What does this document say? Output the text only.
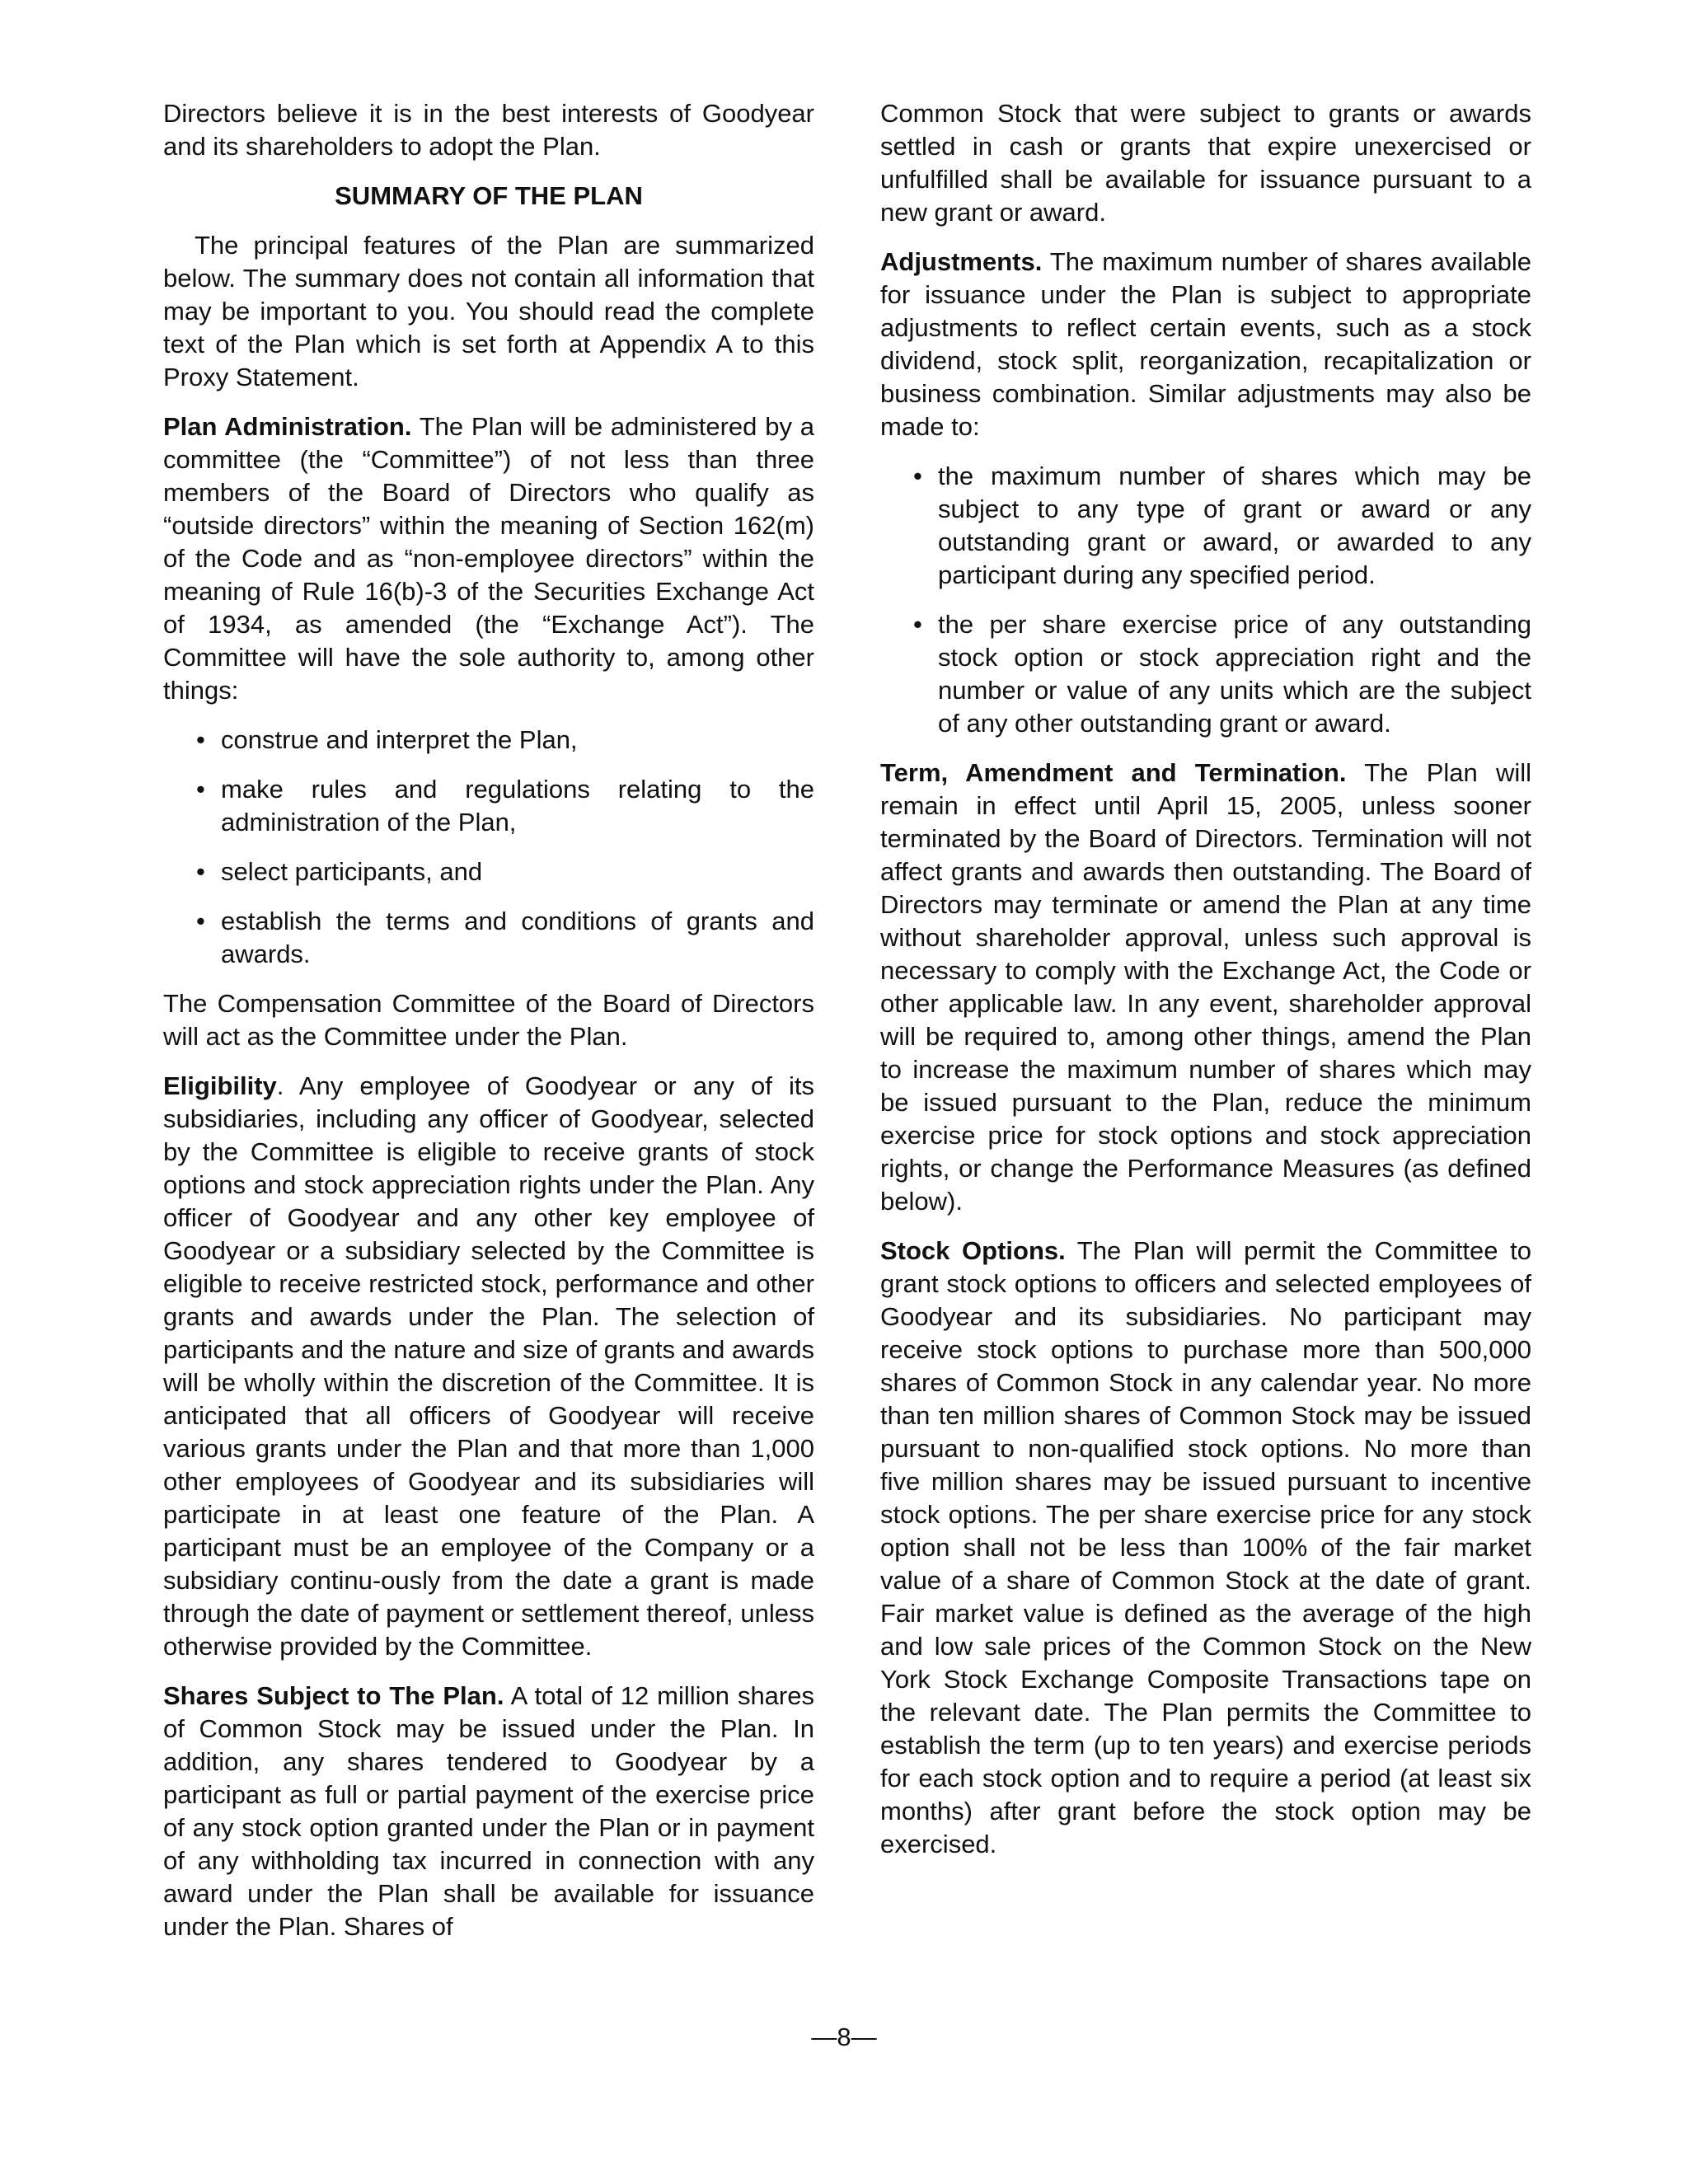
Directors believe it is in the best interests of Goodyear and its shareholders to adopt the Plan.

SUMMARY OF THE PLAN

The principal features of the Plan are summarized below. The summary does not contain all information that may be important to you. You should read the complete text of the Plan which is set forth at Appendix A to this Proxy Statement.

Plan Administration. The Plan will be administered by a committee (the “Committee”) of not less than three members of the Board of Directors who qualify as “outside directors” within the meaning of Section 162(m) of the Code and as “non-employee directors” within the meaning of Rule 16(b)-3 of the Securities Exchange Act of 1934, as amended (the “Exchange Act”). The Committee will have the sole authority to, among other things:

• construe and interpret the Plan,
• make rules and regulations relating to the administration of the Plan,
• select participants, and
• establish the terms and conditions of grants and awards.

The Compensation Committee of the Board of Directors will act as the Committee under the Plan.

Eligibility. Any employee of Goodyear or any of its subsidiaries, including any officer of Goodyear, selected by the Committee is eligible to receive grants of stock options and stock appreciation rights under the Plan. Any officer of Goodyear and any other key employee of Goodyear or a subsidiary selected by the Committee is eligible to receive restricted stock, performance and other grants and awards under the Plan. The selection of participants and the nature and size of grants and awards will be wholly within the discretion of the Committee. It is anticipated that all officers of Goodyear will receive various grants under the Plan and that more than 1,000 other employees of Goodyear and its subsidiaries will participate in at least one feature of the Plan. A participant must be an employee of the Company or a subsidiary continu-ously from the date a grant is made through the date of payment or settlement thereof, unless otherwise provided by the Committee.

Shares Subject to The Plan. A total of 12 million shares of Common Stock may be issued under the Plan. In addition, any shares tendered to Goodyear by a participant as full or partial payment of the exercise price of any stock option granted under the Plan or in payment of any withholding tax incurred in connection with any award under the Plan shall be available for issuance under the Plan. Shares of

Common Stock that were subject to grants or awards settled in cash or grants that expire unexercised or unfulfilled shall be available for issuance pursuant to a new grant or award.

Adjustments. The maximum number of shares available for issuance under the Plan is subject to appropriate adjustments to reflect certain events, such as a stock dividend, stock split, reorganization, recapitalization or business combination. Similar adjustments may also be made to:

• the maximum number of shares which may be subject to any type of grant or award or any outstanding grant or award, or awarded to any participant during any specified period.
• the per share exercise price of any outstanding stock option or stock appreciation right and the number or value of any units which are the subject of any other outstanding grant or award.

Term, Amendment and Termination. The Plan will remain in effect until April 15, 2005, unless sooner terminated by the Board of Directors. Termination will not affect grants and awards then outstanding. The Board of Directors may terminate or amend the Plan at any time without shareholder approval, unless such approval is necessary to comply with the Exchange Act, the Code or other applicable law. In any event, shareholder approval will be required to, among other things, amend the Plan to increase the maximum number of shares which may be issued pursuant to the Plan, reduce the minimum exercise price for stock options and stock appreciation rights, or change the Performance Measures (as defined below).

Stock Options. The Plan will permit the Committee to grant stock options to officers and selected employees of Goodyear and its subsidiaries. No participant may receive stock options to purchase more than 500,000 shares of Common Stock in any calendar year. No more than ten million shares of Common Stock may be issued pursuant to non-qualified stock options. No more than five million shares may be issued pursuant to incentive stock options. The per share exercise price for any stock option shall not be less than 100% of the fair market value of a share of Common Stock at the date of grant. Fair market value is defined as the average of the high and low sale prices of the Common Stock on the New York Stock Exchange Composite Transactions tape on the relevant date. The Plan permits the Committee to establish the term (up to ten years) and exercise periods for each stock option and to require a period (at least six months) after grant before the stock option may be exercised.

—8—
